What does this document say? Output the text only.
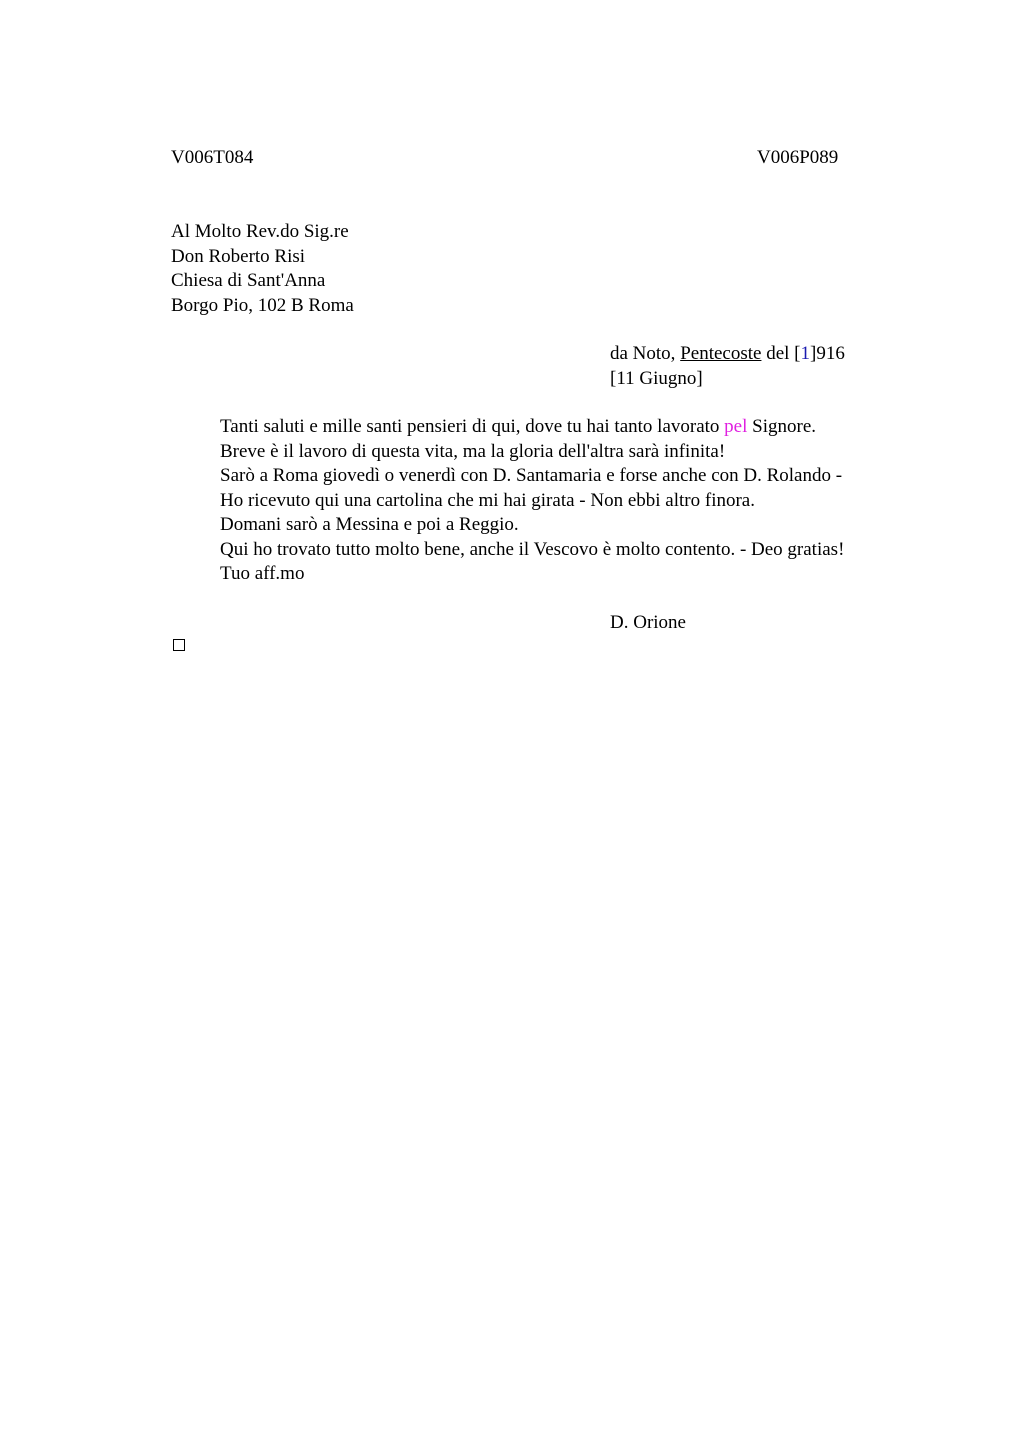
V006T084	V006P089
Al Molto Rev.do Sig.re
Don Roberto Risi
Chiesa di Sant'Anna
Borgo Pio, 102 B Roma
da Noto, Pentecoste del [1]916
[11 Giugno]
Tanti saluti e mille santi pensieri di qui, dove tu hai tanto lavorato pel Signore.
Breve è il lavoro di questa vita, ma la gloria dell'altra sarà infinita!
Sarò a Roma giovedì o venerdì con D. Santamaria e forse anche con D. Rolando -
Ho ricevuto qui una cartolina che mi hai girata - Non ebbi altro finora.
Domani sarò a Messina e poi a Reggio.
Qui ho trovato tutto molto bene, anche il Vescovo è molto contento. - Deo gratias!
Tuo aff.mo
D. Orione
